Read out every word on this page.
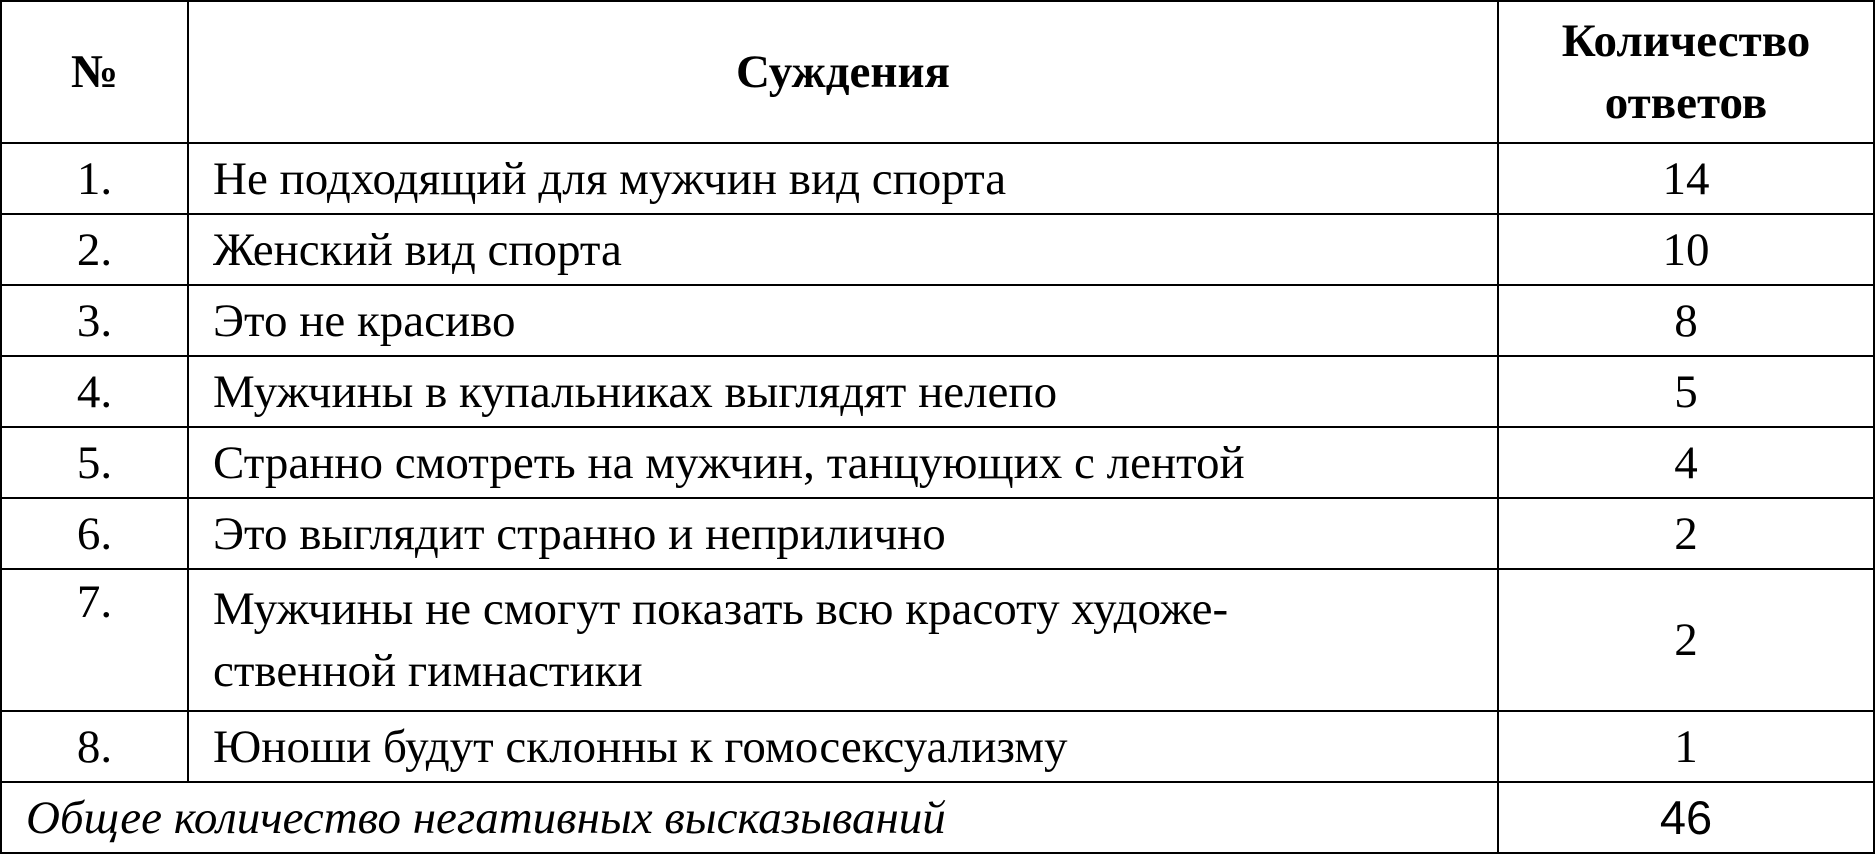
№	Суждения	Количество
ответов
1.	Не подходящий для мужчин вид спорта	14
2.	Женский вид спорта	10
3.	Это не красиво	8
4.	Мужчины в купальниках выглядят нелепо	5
5.	Странно смотреть на мужчин, танцующих с лентой	4
6.	Это выглядит странно и неприлично	2
7.	Мужчины не смогут показать всю красоту художе-
ственной гимнастики	2
8.	Юноши будут склонны к гомосексуализму	1
Общее количество негативных высказываний		46
